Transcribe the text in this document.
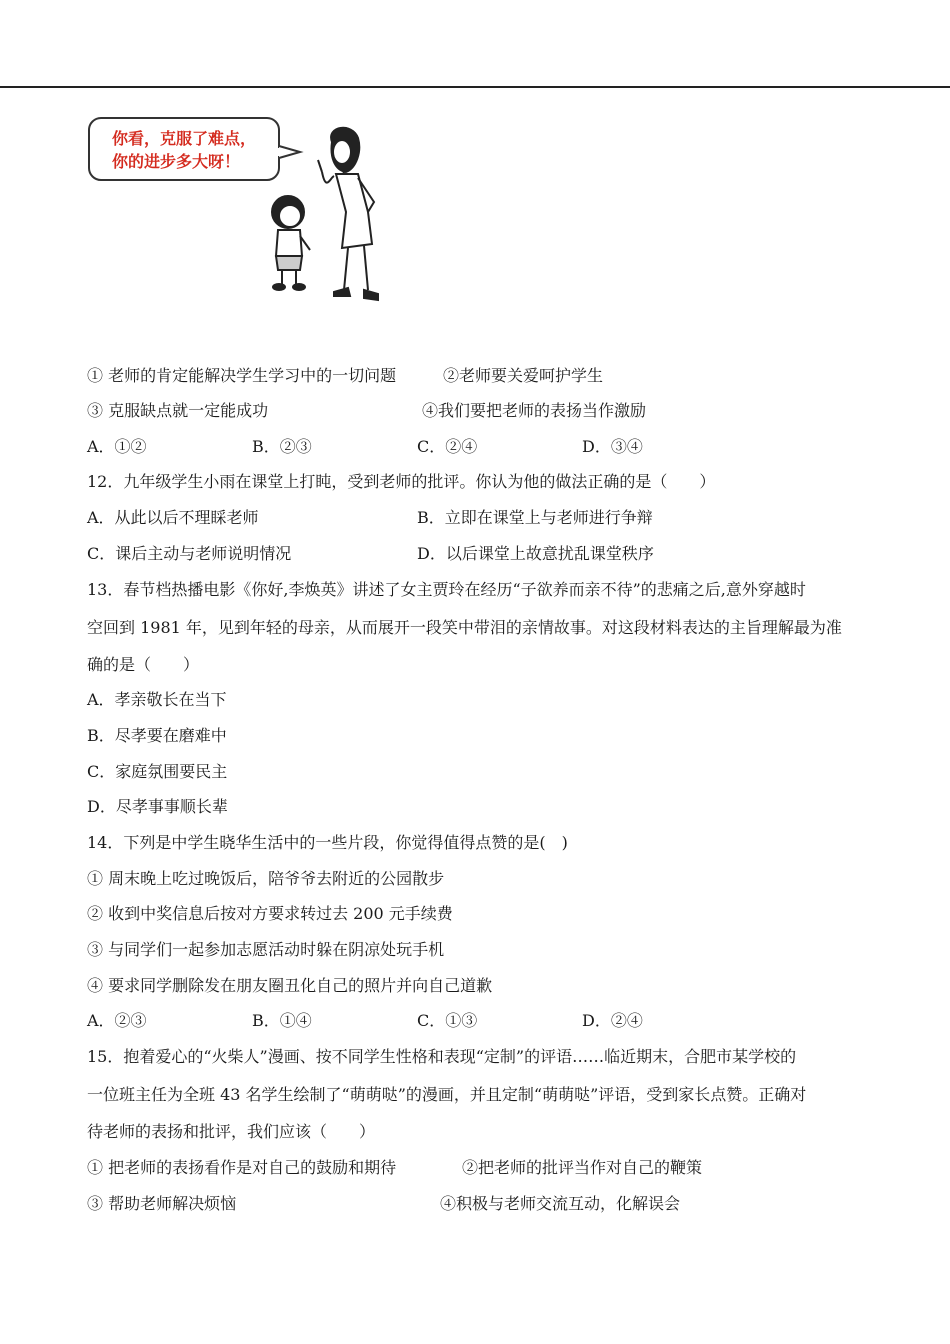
你看，克服了难点，
你的进步多大呀！
① 老师的肯定能解决学生学习中的一切问题	②老师要关爱呵护学生
③ 克服缺点就一定能成功	④我们要把老师的表扬当作激励
A．①②	B．②③	C．②④	D．③④
12．九年级学生小雨在课堂上打盹，受到老师的批评。你认为他的做法正确的是（　　）
A．从此以后不理睬老师	B．立即在课堂上与老师进行争辩
C．课后主动与老师说明情况	D．以后课堂上故意扰乱课堂秩序
13．春节档热播电影《你好,李焕英》讲述了女主贾玲在经历“子欲养而亲不待”的悲痛之后,意外穿越时
空回到 1981 年，见到年轻的母亲，从而展开一段笑中带泪的亲情故事。对这段材料表达的主旨理解最为准
确的是（　　）
A．孝亲敬长在当下
B．尽孝要在磨难中
C．家庭氛围要民主
D．尽孝事事顺长辈
14．下列是中学生晓华生活中的一些片段，你觉得值得点赞的是(　)
① 周末晚上吃过晚饭后，陪爷爷去附近的公园散步
② 收到中奖信息后按对方要求转过去 200 元手续费
③ 与同学们一起参加志愿活动时躲在阴凉处玩手机
④ 要求同学删除发在朋友圈丑化自己的照片并向自己道歉
A．②③	B．①④	C．①③	D．②④
15．抱着爱心的“火柴人”漫画、按不同学生性格和表现“定制”的评语……临近期末，合肥市某学校的
一位班主任为全班 43 名学生绘制了“萌萌哒”的漫画，并且定制“萌萌哒”评语，受到家长点赞。正确对
待老师的表扬和批评，我们应该（　　）
① 把老师的表扬看作是对自己的鼓励和期待	②把老师的批评当作对自己的鞭策
③ 帮助老师解决烦恼	④积极与老师交流互动，化解误会
